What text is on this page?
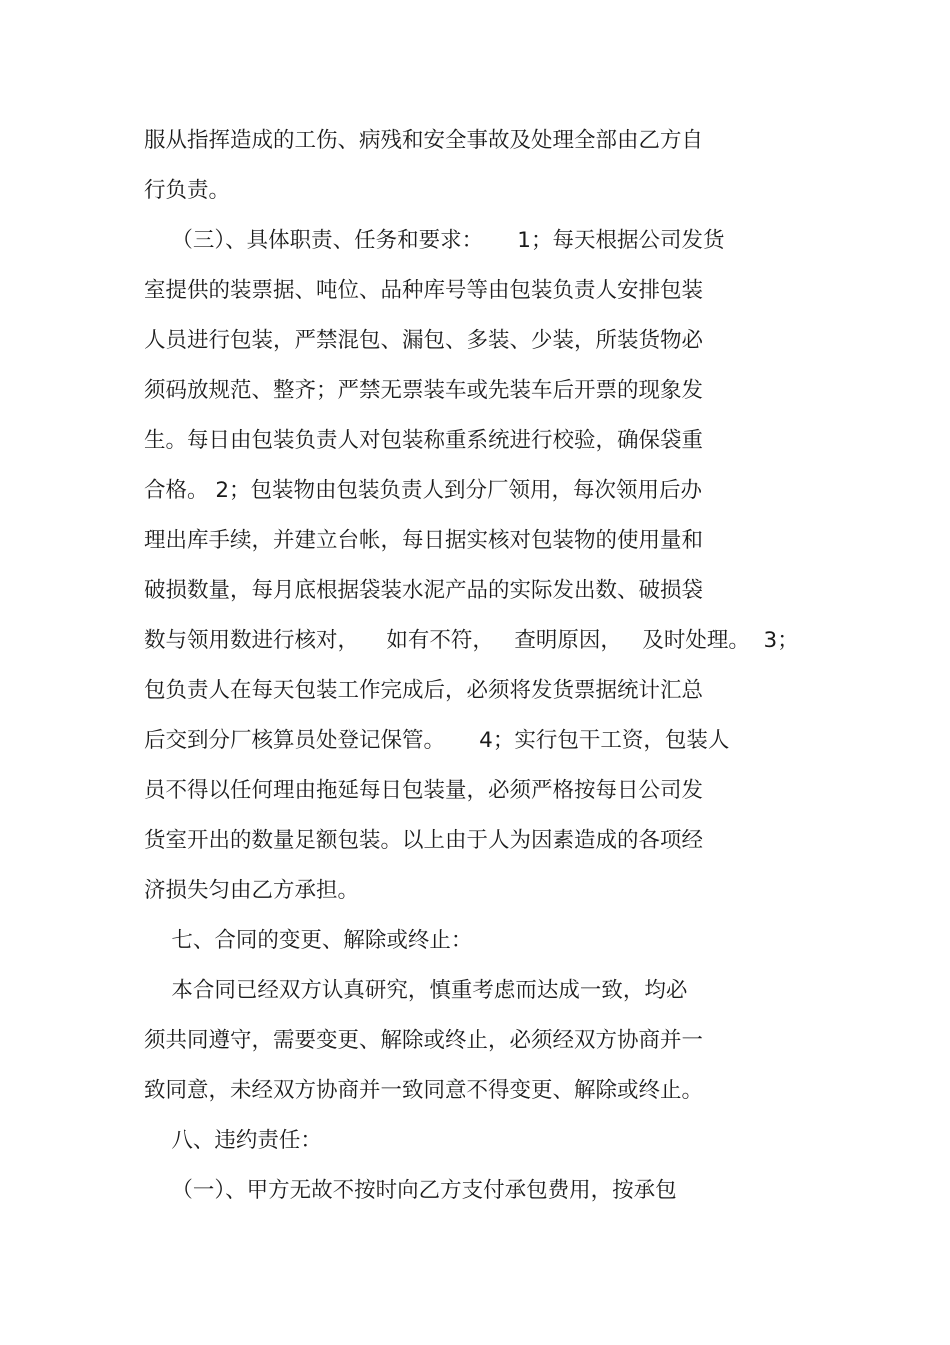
服从指挥造成的工伤、病残和安全事故及处理全部由乙方自
行负责。
（三）、具体职责、任务和要求：     1；每天根据公司发货
室提供的装票据、吨位、品种库号等由包装负责人安排包装
人员进行包装，严禁混包、漏包、多装、少装，所装货物必
须码放规范、整齐；严禁无票装车或先装车后开票的现象发
生。每日由包装负责人对包装称重系统进行校验，确保袋重
合格。 2；包装物由包装负责人到分厂领用，每次领用后办
理出库手续，并建立台帐，每日据实核对包装物的使用量和
破损数量，每月底根据袋装水泥产品的实际发出数、破损袋
数与领用数进行核对，    如有不符，   查明原因，   及时处理。  3；
包负责人在每天包装工作完成后，必须将发货票据统计汇总
后交到分厂核算员处登记保管。     4；实行包干工资，包装人
员不得以任何理由拖延每日包装量，必须严格按每日公司发
货室开出的数量足额包装。以上由于人为因素造成的各项经
济损失匀由乙方承担。
七、合同的变更、解除或终止：
本合同已经双方认真研究，慎重考虑而达成一致，均必
须共同遵守，需要变更、解除或终止，必须经双方协商并一
致同意，未经双方协商并一致同意不得变更、解除或终止。
八、违约责任：
（一）、甲方无故不按时向乙方支付承包费用，按承包
